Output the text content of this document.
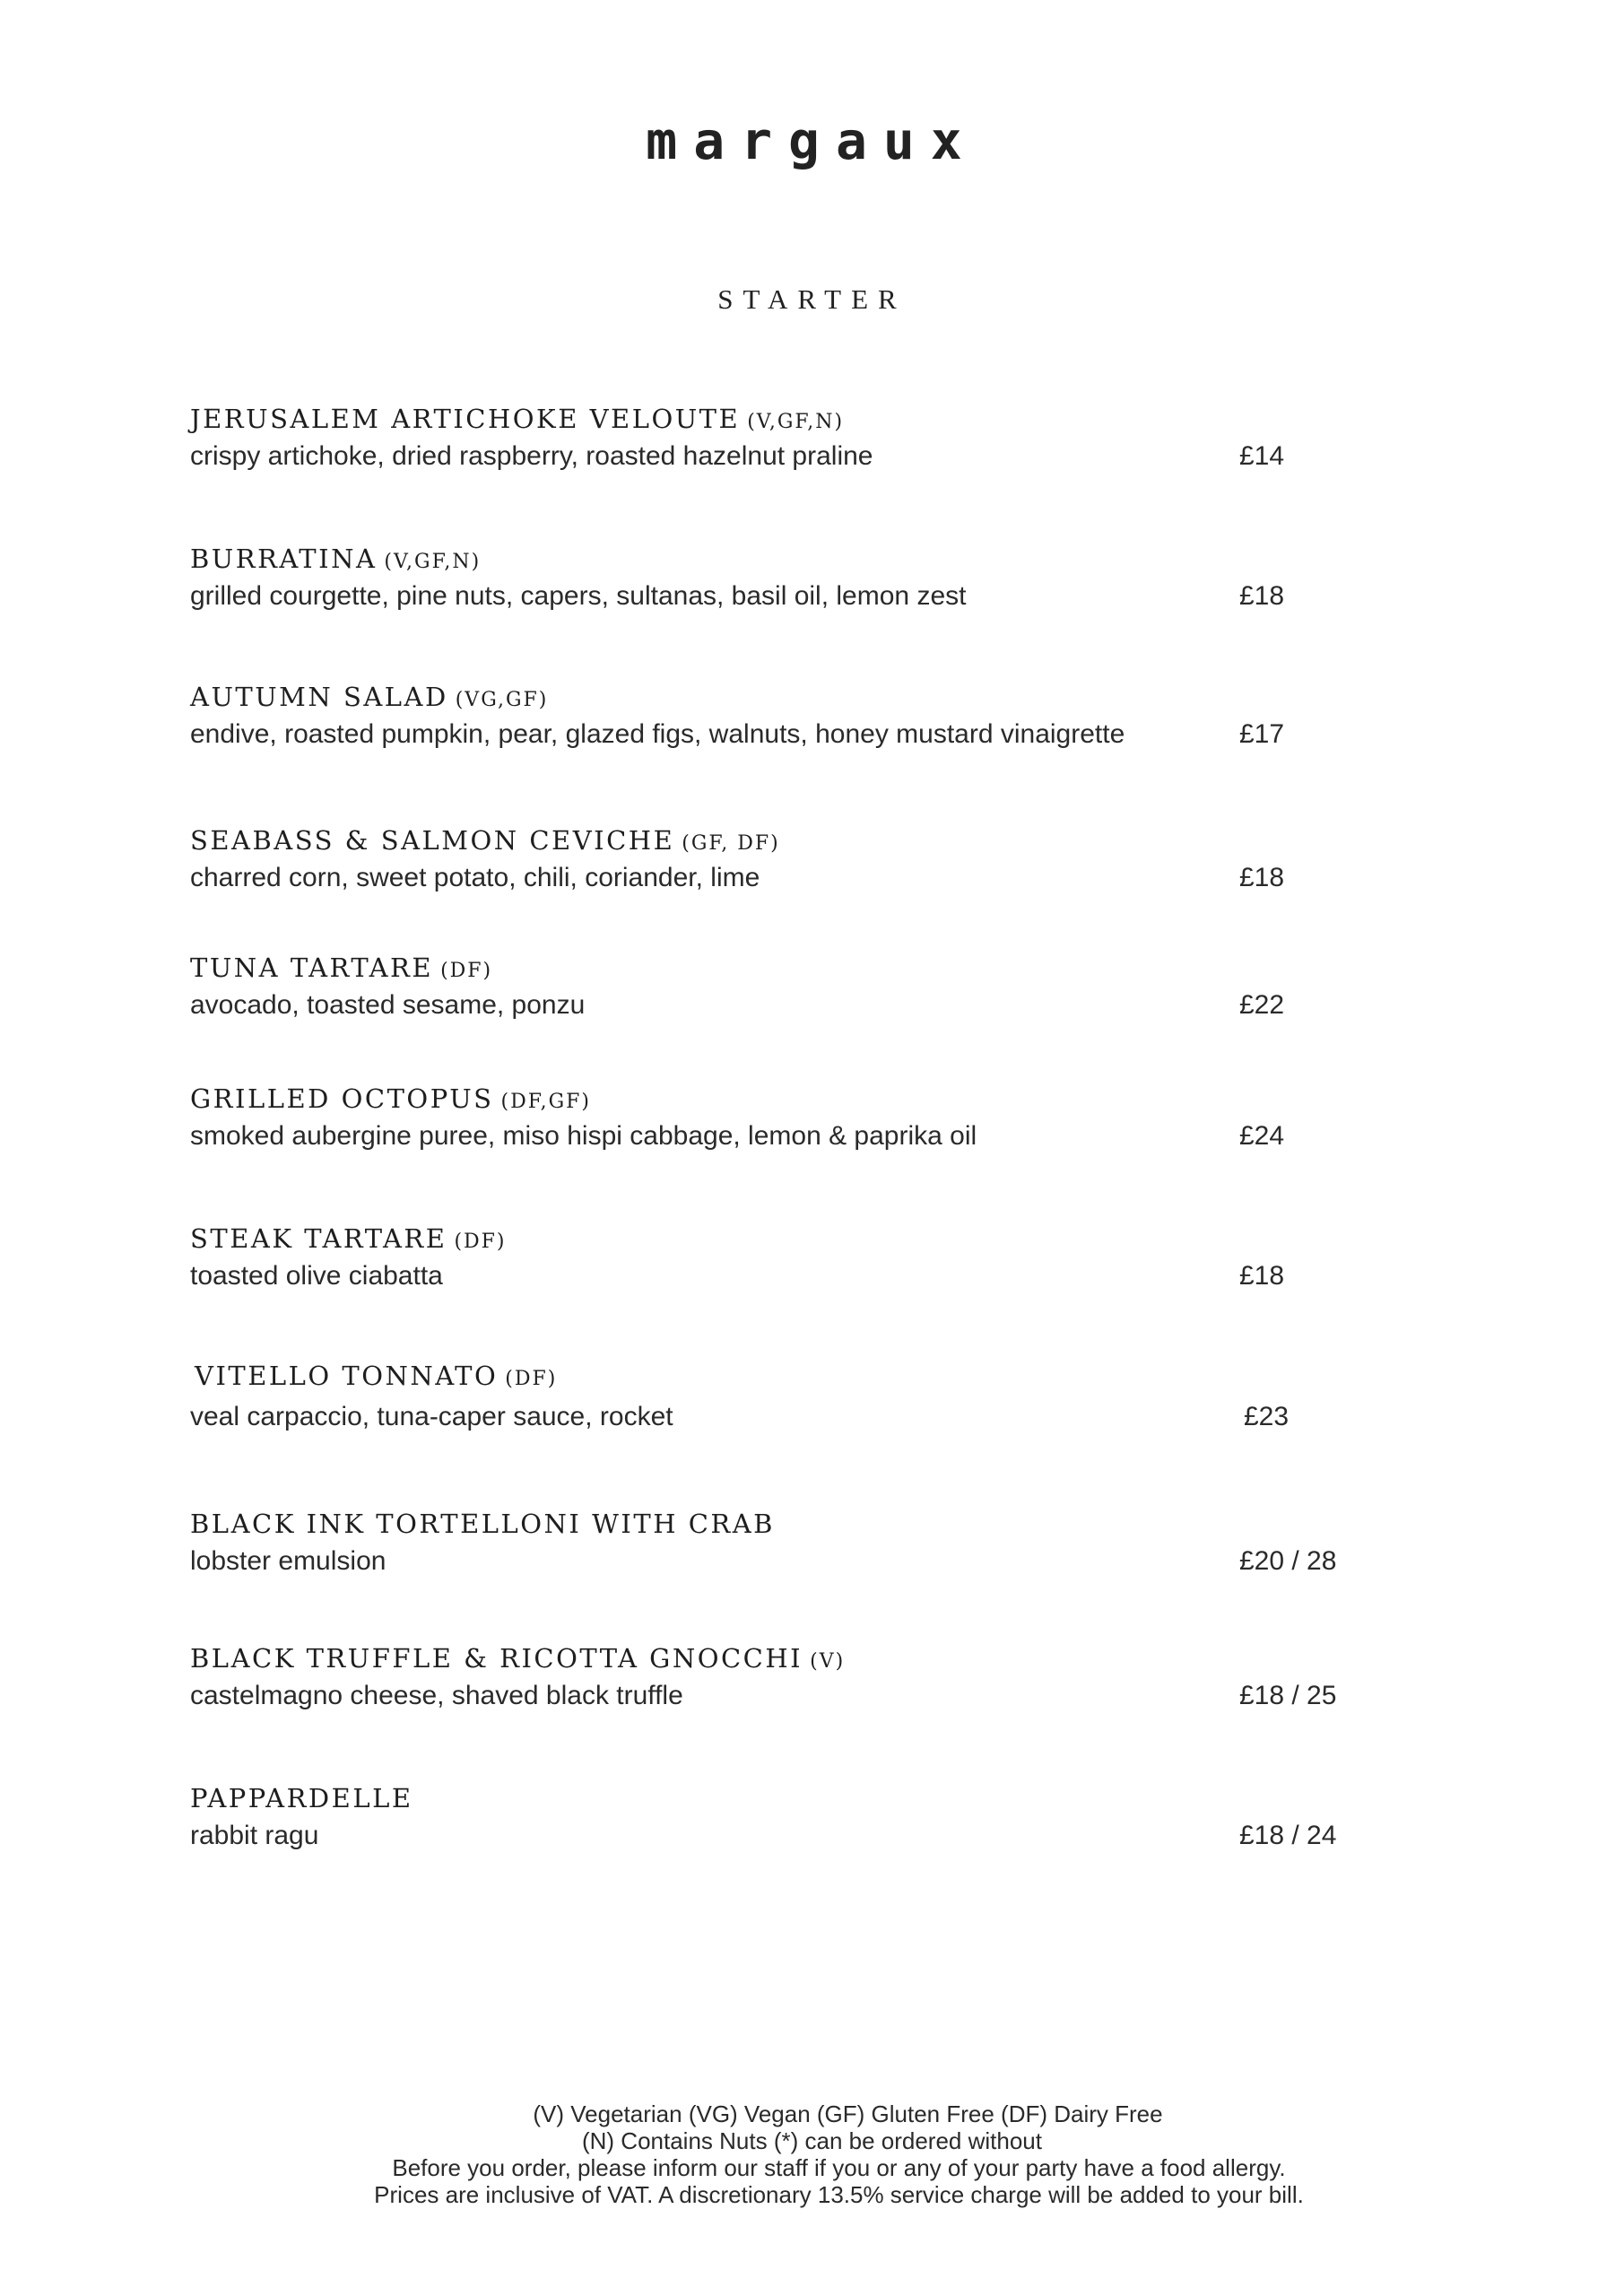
margaux
STARTER
JERUSALEM ARTICHOKE VELOUTE (V,GF,N)
crispy artichoke, dried raspberry, roasted hazelnut praline	£14
BURRATINA (V,GF,N)
grilled courgette, pine nuts, capers, sultanas, basil oil, lemon zest	£18
AUTUMN SALAD (VG,GF)
endive, roasted pumpkin, pear, glazed figs, walnuts, honey mustard vinaigrette	£17
SEABASS & SALMON CEVICHE (GF, DF)
charred corn, sweet potato, chili, coriander, lime	£18
TUNA TARTARE (DF)
avocado, toasted sesame, ponzu	£22
GRILLED OCTOPUS (DF,GF)
smoked aubergine puree, miso hispi cabbage, lemon & paprika oil	£24
STEAK TARTARE (DF)
toasted olive ciabatta	£18
VITELLO TONNATO (DF)
veal carpaccio, tuna-caper sauce, rocket	£23
BLACK INK TORTELLONI WITH CRAB
lobster emulsion	£20 / 28
BLACK TRUFFLE & RICOTTA GNOCCHI (V)
castelmagno cheese, shaved black truffle	£18 / 25
PAPPARDELLE
rabbit ragu	£18 / 24
(V) Vegetarian (VG) Vegan (GF) Gluten Free (DF) Dairy Free
(N) Contains Nuts (*) can be ordered without
Before you order, please inform our staff if you or any of your party have a food allergy.
Prices are inclusive of VAT. A discretionary 13.5% service charge will be added to your bill.
